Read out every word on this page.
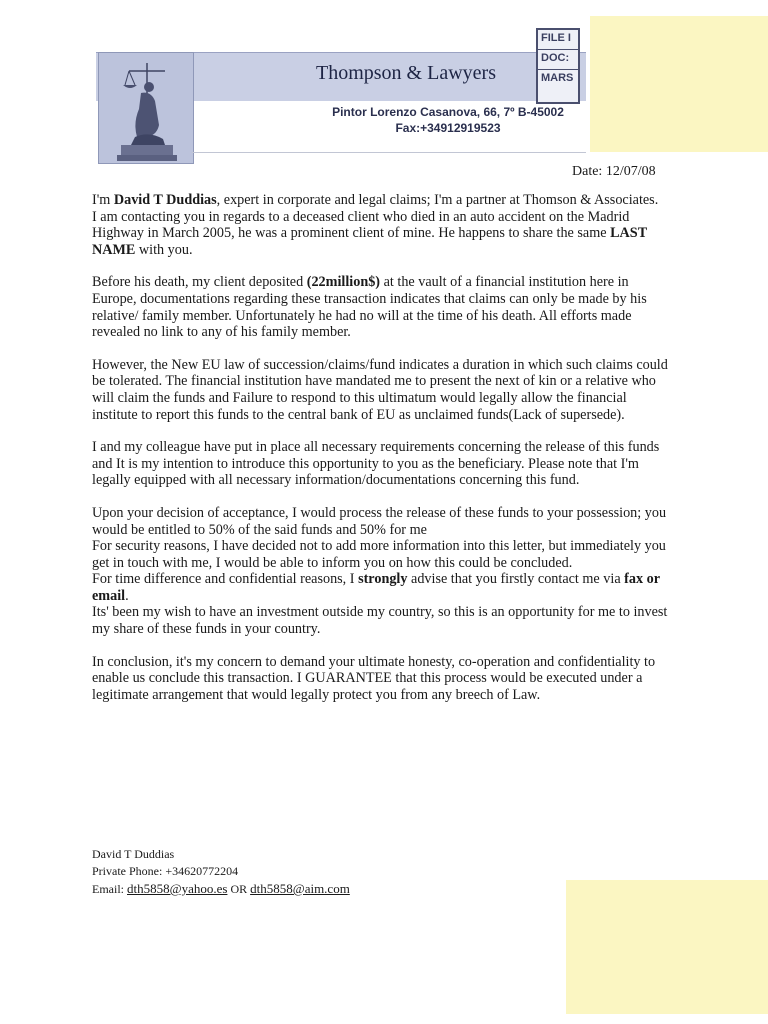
Thompson & Lawyers
FILE I
DOC:
MARS
Pintor Lorenzo Casanova, 66, 7º B-45002
Fax:+34912919523
Date: 12/07/08

I'm David T Duddias, expert in corporate and legal claims; I'm a partner at Thomson & Associates.
I am contacting you in regards to a deceased client who died in an auto accident on the Madrid Highway in March 2005, he was a prominent client of mine. He happens to share the same LAST NAME with you.

Before his death, my client deposited (22million$) at the vault of a financial institution here in Europe, documentations regarding these transaction indicates that claims can only be made by his relative/ family member. Unfortunately he had no will at the time of his death. All efforts made revealed no link to any of his family member.

However, the New EU law of succession/claims/fund indicates a duration in which such claims could be tolerated. The financial institution have mandated me to present the next of kin or a relative who will claim the funds and Failure to respond to this ultimatum would legally allow the financial institute to report this funds to the central bank of EU as unclaimed funds(Lack of supersede).

I and my colleague have put in place all necessary requirements concerning the release of this funds and It is my intention to introduce this opportunity to you as the beneficiary. Please note that I'm legally equipped with all necessary information/documentations concerning this fund.

Upon your decision of acceptance, I would process the release of these funds to your possession; you would be entitled to 50% of the said funds and 50% for me
For security reasons, I have decided not to add more information into this letter, but immediately you get in touch with me, I would be able to inform you on how this could be concluded.
For time difference and confidential reasons, I strongly advise that you firstly contact me via fax or email.
Its' been my wish to have an investment outside my country, so this is an opportunity for me to invest my share of these funds in your country.

In conclusion, it's my concern to demand your ultimate honesty, co-operation and confidentiality to enable us conclude this transaction. I GUARANTEE that this process would be executed under a legitimate arrangement that would legally protect you from any breech of Law.

David T Duddias
Private Phone: +34620772204
Email: dth5858@yahoo.es OR dth5858@aim.com
